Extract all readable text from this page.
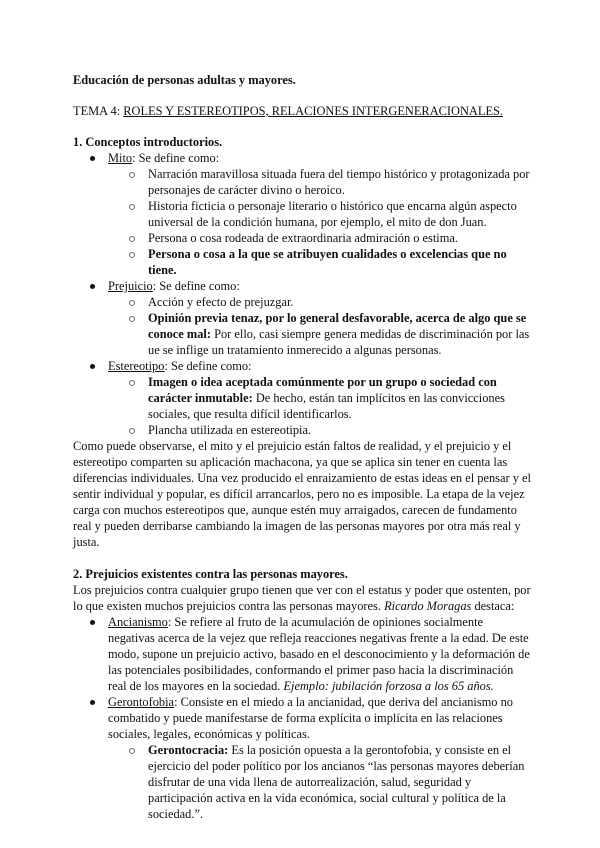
Educación de personas adultas y mayores.

TEMA 4: ROLES Y ESTEREOTIPOS, RELACIONES INTERGENERACIONALES.

1. Conceptos introductorios.
Mito: Se define como:
Narración maravillosa situada fuera del tiempo histórico y protagonizada por personajes de carácter divino o heroico.
Historia ficticia o personaje literario o histórico que encarna algún aspecto universal de la condición humana, por ejemplo, el mito de don Juan.
Persona o cosa rodeada de extraordinaria admiración o estima.
Persona o cosa a la que se atribuyen cualidades o excelencias que no tiene.
Prejuicio: Se define como:
Acción y efecto de prejuzgar.
Opinión previa tenaz, por lo general desfavorable, acerca de algo que se conoce mal: Por ello, casi siempre genera medidas de discriminación por las ue se inflige un tratamiento inmerecido a algunas personas.
Estereotipo: Se define como:
Imagen o idea aceptada comúnmente por un grupo o sociedad con carácter inmutable: De hecho, están tan implícitos en las convicciones sociales, que resulta difícil identificarlos.
Plancha utilizada en estereotipia.

Como puede observarse, el mito y el prejuicio están faltos de realidad, y el prejuicio y el estereotipo comparten su aplicación machacona, ya que se aplica sin tener en cuenta las diferencias individuales. Una vez producido el enraizamiento de estas ideas en el pensar y el sentir individual y popular, es difícil arrancarlos, pero no es imposible. La etapa de la vejez carga con muchos estereotipos que, aunque estén muy arraigados, carecen de fundamento real y pueden derribarse cambiando la imagen de las personas mayores por otra más real y justa.

2. Prejuicios existentes contra las personas mayores.

Los prejuicios contra cualquier grupo tienen que ver con el estatus y poder que ostenten, por lo que existen muchos prejuicios contra las personas mayores. Ricardo Moragas destaca:

Ancianismo: Se refiere al fruto de la acumulación de opiniones socialmente negativas acerca de la vejez que refleja reacciones negativas frente a la edad. De este modo, supone un prejuicio activo, basado en el desconocimiento y la deformación de las potenciales posibilidades, conformando el primer paso hacia la discriminación real de los mayores en la sociedad. Ejemplo: jubilación forzosa a los 65 años.
Gerontofobia: Consiste en el miedo a la ancianidad, que deriva del ancianismo no combatido y puede manifestarse de forma explícita o implícita en las relaciones sociales, legales, económicas y políticas.
Gerontocracia: Es la posición opuesta a la gerontofobia, y consiste en el ejercicio del poder político por los ancianos “las personas mayores deberían disfrutar de una vida llena de autorrealización, salud, seguridad y participación activa en la vida económica, social cultural y política de la sociedad.”.
